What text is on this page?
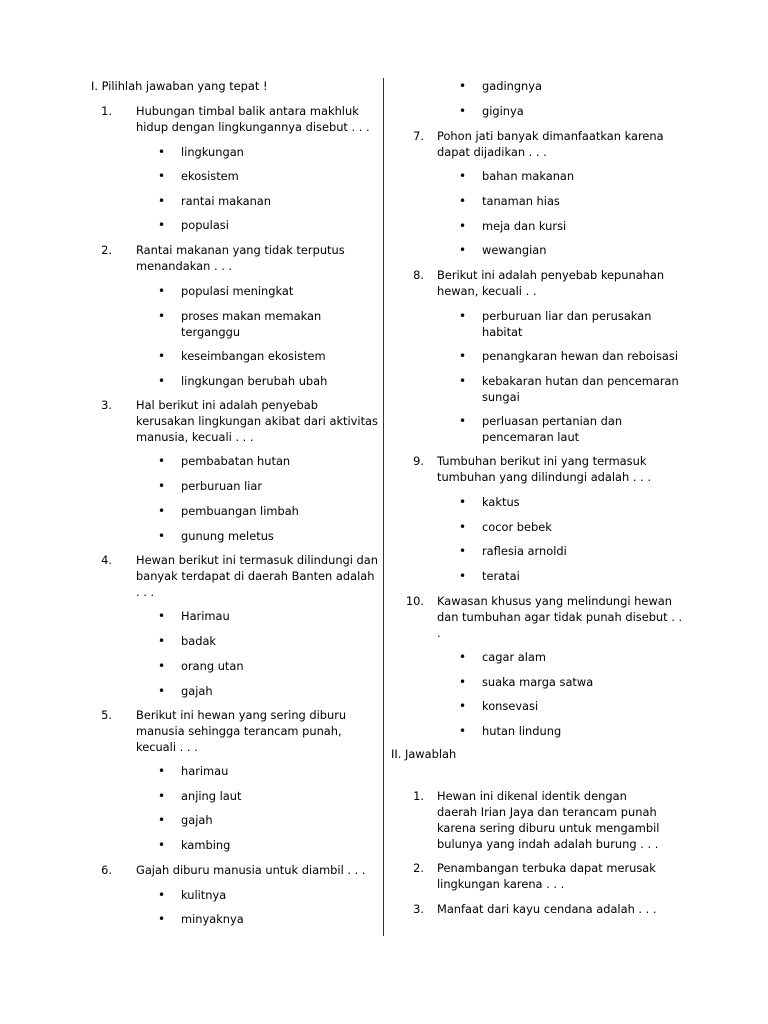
I. Pilihlah jawaban yang tepat !
II. Jawablah
1. Hubungan timbal balik antara makhluk hidup dengan lingkungannya disebut . . .
• lingkungan
• ekosistem
• rantai makanan
• populasi
2. Rantai makanan yang tidak terputus menandakan . . .
• populasi meningkat
• proses makan memakan terganggu
• keseimbangan ekosistem
• lingkungan berubah ubah
3. Hal berikut ini adalah penyebab kerusakan lingkungan akibat dari aktivitas manusia, kecuali . . .
• pembabatan hutan
• perburuan liar
• pembuangan limbah
• gunung meletus
4. Hewan berikut ini termasuk dilindungi dan banyak terdapat di daerah Banten adalah . . .
• Harimau
• badak
• orang utan
• gajah
5. Berikut ini hewan yang sering diburu manusia sehingga terancam punah, kecuali . . .
• harimau
• anjing laut
• gajah
• kambing
6. Gajah diburu manusia untuk diambil . . .
• kulitnya
• minyaknya
• gadingnya
• giginya
7. Pohon jati banyak dimanfaatkan karena dapat dijadikan . . .
• bahan makanan
• tanaman hias
• meja dan kursi
• wewangian
8. Berikut ini adalah penyebab kepunahan hewan, kecuali . .
• perburuan liar dan perusakan habitat
• penangkaran hewan dan reboisasi
• kebakaran hutan dan pencemaran sungai
• perluasan pertanian dan pencemaran laut
9. Tumbuhan berikut ini yang termasuk tumbuhan yang dilindungi adalah . . .
• kaktus
• cocor bebek
• raflesia arnoldi
• teratai
10. Kawasan khusus yang melindungi hewan dan tumbuhan agar tidak punah disebut . . .
• cagar alam
• suaka marga satwa
• konsevasi
• hutan lindung
1. Hewan ini dikenal identik dengan daerah Irian Jaya dan terancam punah karena sering diburu untuk mengambil bulunya yang indah adalah burung . . .
2. Penambangan terbuka dapat merusak lingkungan karena . . .
3. Manfaat dari kayu cendana adalah . . .
